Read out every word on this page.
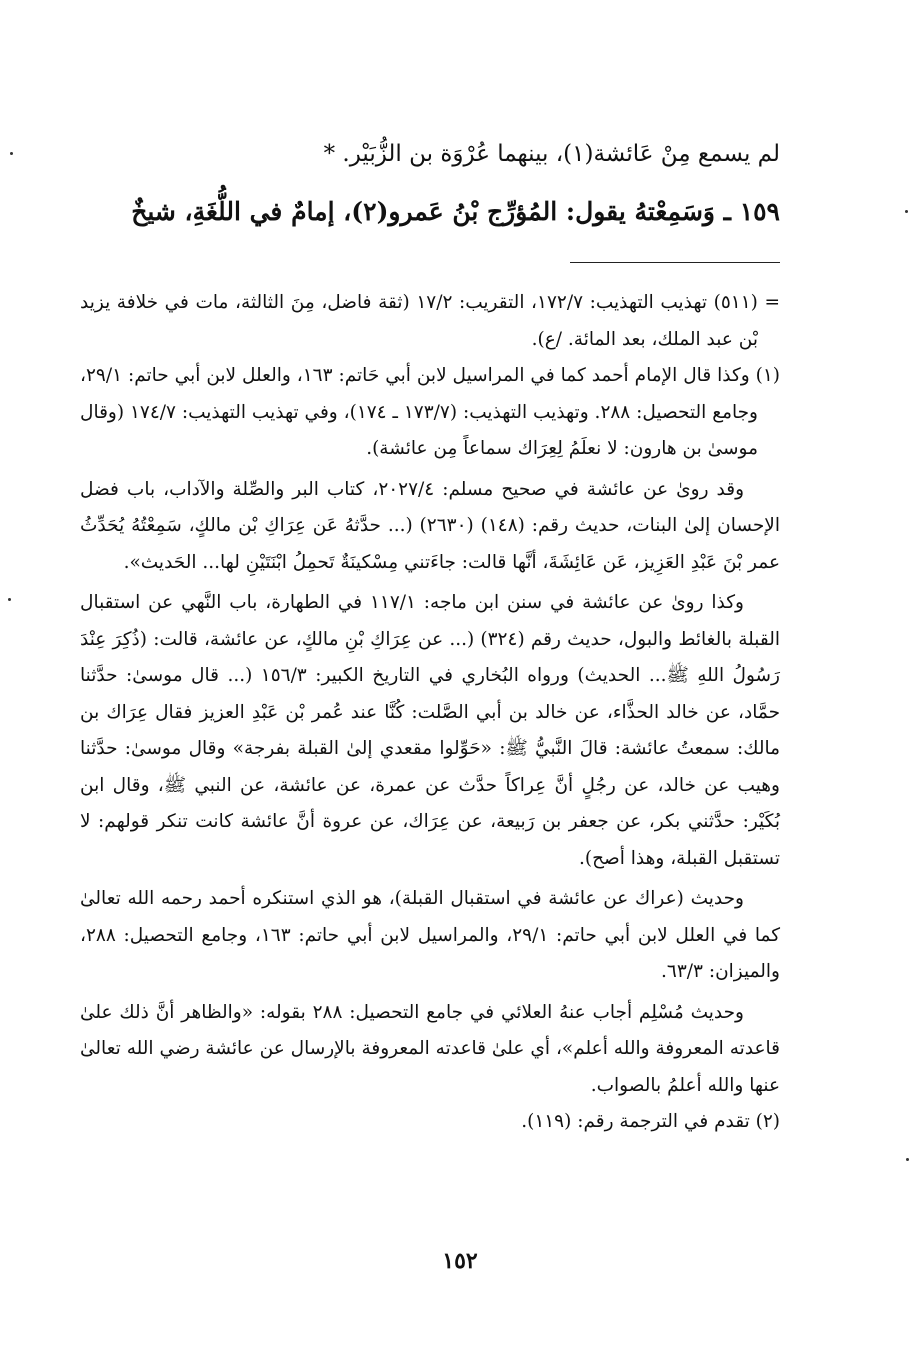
لم يسمع مِنْ عَائشة(١)، بينهما عُرْوَة بن الزُّبَيْر. *

١٥٩ ـ وَسَمِعْتهُ يقول: المُؤرِّج بْنُ عَمرو(٢)، إمامٌ في اللُّغَةِ، شيخٌ

= (٥١١) تهذيب التهذيب: ١٧٢/٧، التقريب: ١٧/٢ (ثقة فاضل، مِنَ الثالثة، مات في خلافة يزيد بْن عبد الملك، بعد المائة. /ع).

(١) وكذا قال الإمام أحمد كما في المراسيل لابن أبي حَاتم: ١٦٣، والعلل لابن أبي حاتم: ٢٩/١، وجامع التحصيل: ٢٨٨. وتهذيب التهذيب: (١٧٣/٧ ـ ١٧٤)، وفي تهذيب التهذيب: ١٧٤/٧ (وقال موسىٰ بن هارون: لا نعلَمُ لِعِرَاك سماعاً مِن عائشة).

وقد روىٰ عن عائشة في صحيح مسلم: ٢٠٢٧/٤، كتاب البر والصِّلة والآداب، باب فضل الإحسان إلىٰ البنات، حديث رقم: (١٤٨) (٢٦٣٠) (... حدَّثهُ عَن عِرَاكِ بْن مالكٍ، سَمِعْتُهُ يُحَدِّثُ عمر بْنَ عَبْدِ العَزِيز، عَن عَائِشَةَ، أنَّها قالت: جاءَتني مِسْكينَةٌ تَحمِلُ ابْنَتَيْنِ لها... الحَديث».

وكذا روىٰ عن عائشة في سنن ابن ماجه: ١١٧/١ في الطهارة، باب النَّهي عن استقبال القبلة بالغائط والبول، حديث رقم (٣٢٤) (... عن عِرَاكِ بْنِ مالكٍ، عن عائشة، قالت: (ذُكِرَ عِنْدَ رَسُولُ اللهِ ﷺ... الحديث) ورواه البُخاري في التاريخ الكبير: ١٥٦/٣ (... قال موسىٰ: حدَّثنا حمَّاد، عن خالد الحذَّاء، عن خالد بن أبي الصَّلت: كُنَّا عند عُمر بْن عَبْدِ العزيز فقال عِرَاك بن مالك: سمعتُ عائشة: قالَ النَّبيُّ ﷺ: «حَوِّلوا مقعدي إلىٰ القبلة بفرجة» وقال موسىٰ: حدَّثنا وهيب عن خالد، عن رجُلٍ أنَّ عِراكاً حدَّث عن عمرة، عن عائشة، عن النبي ﷺ، وقال ابن بُكَيْر: حدَّثني بكر، عن جعفر بن رَبيعة، عن عِرَاك، عن عروة أنَّ عائشة كانت تنكر قولهم: لا تستقبل القبلة، وهذا أصح).

وحديث (عراك عن عائشة في استقبال القبلة)، هو الذي استنكره أحمد رحمه الله تعالىٰ كما في العلل لابن أبي حاتم: ٢٩/١، والمراسيل لابن أبي حاتم: ١٦٣، وجامع التحصيل: ٢٨٨، والميزان: ٦٣/٣.

وحديث مُسْلِم أجاب عنهُ العلائي في جامع التحصيل: ٢٨٨ بقوله: «والظاهر أنَّ ذلك علىٰ قاعدته المعروفة والله أعلم»، أي علىٰ قاعدته المعروفة بالإرسال عن عائشة رضي الله تعالىٰ عنها والله أعلمُ بالصواب.

(٢) تقدم في الترجمة رقم: (١١٩).

١٥٢
